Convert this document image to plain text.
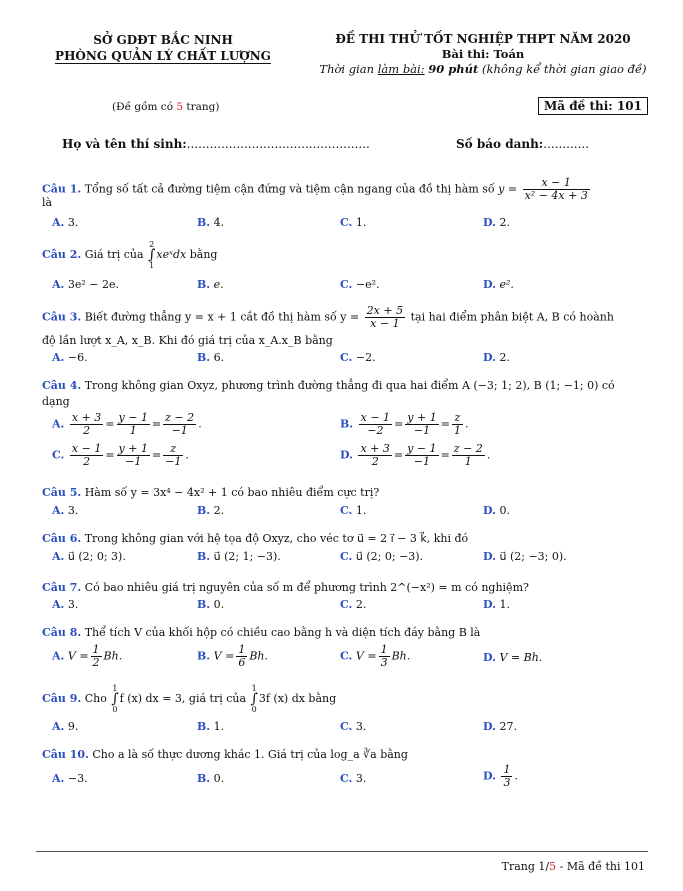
SỞ GDĐT BẮC NINH
PHÒNG QUẢN LÝ CHẤT LƯỢNG
ĐỀ THI THỬ TỐT NGHIỆP THPT NĂM 2020
Bài thi: Toán
Thời gian làm bài: 90 phút (không kể thời gian giao đề)
(Đề gồm có 5 trang)	Mã đề thi: 101
Họ và tên thí sinh:................................................	Số báo danh:............
Câu 1. Tổng số tất cả đường tiệm cận đứng và tiệm cận ngang của đồ thị hàm số $y = \frac{x - 1}{\text{x² − 4x + 3}}$
là
A. 3.	B. 4.	C. 1.	D. 2.
Câu 2. Giá trị của 2
∫
1xeˣdx bằng
A. 3e² − 2e.	B. e.	C. −e².	D. e².
Câu 3. Biết đường thẳng y = x + 1 cắt đồ thị hàm số $y = \frac{2x + 5}{x - 1}$ tại hai điểm phân biệt A, B có hoành
độ lần lượt x_A, x_B. Khi đó giá trị của x_A.x_B bằng
A. −6.	B. 6.	C. −2.	D. 2.
Câu 4. Trong không gian Oxyz, phương trình đường thẳng đi qua hai điểm A (−3; 1; 2), B (1; −1; 0) có
dạng
A. $\frac{x + 3}{2} = \frac{y - 1}{1} = \frac{z - 2}{-1}$ .	B. $\frac{x - 1}{-2} = \frac{y + 1}{-1} = \frac{z}{1}$ .
C. $\frac{x - 1}{2} = \frac{y + 1}{-1} = \frac{z}{-1}$ .	D. $\frac{x + 3}{2} = \frac{y - 1}{-1} = \frac{z - 2}{1}$ .
Câu 5. Hàm số y = 3x⁴ − 4x² + 1 có bao nhiêu điểm cực trị?
A. 3.	B. 2.	C. 1.	D. 0.
Câu 6. Trong không gian với hệ tọa độ Oxyz, cho véc tơ u⃗ = 2 i⃗ − 3 k⃗, khi đó
A. u⃗ (2; 0; 3).	B. u⃗ (2; 1; −3).	C. u⃗ (2; 0; −3).	D. u⃗ (2; −3; 0).
Câu 7. Có bao nhiêu giá trị nguyên của số m để phương trình 2^(−x²) = m có nghiệm?
A. 3.	B. 0.	C. 2.	D. 1.
Câu 8. Thể tích V của khối hộp có chiều cao bằng h và diện tích đáy bằng B là
A. $V = \frac{1}{2} Bh$.	B. $V = \frac{1}{6} Bh$.	C. $V = \frac{1}{3} Bh$.	D. V = Bh.
Câu 9. Cho 1
∫
0f (x) dx = 3, giá trị của 1
∫
03f (x) dx bằng
A. 9.	B. 1.	C. 3.	D. 27.
Câu 10. Cho a là số thực dương khác 1. Giá trị của log_a ∛a bằng
A. −3.	B. 0.	C. 3.	D. $\frac{1}{3}$ .
Trang 1/5 - Mã đề thi 101
